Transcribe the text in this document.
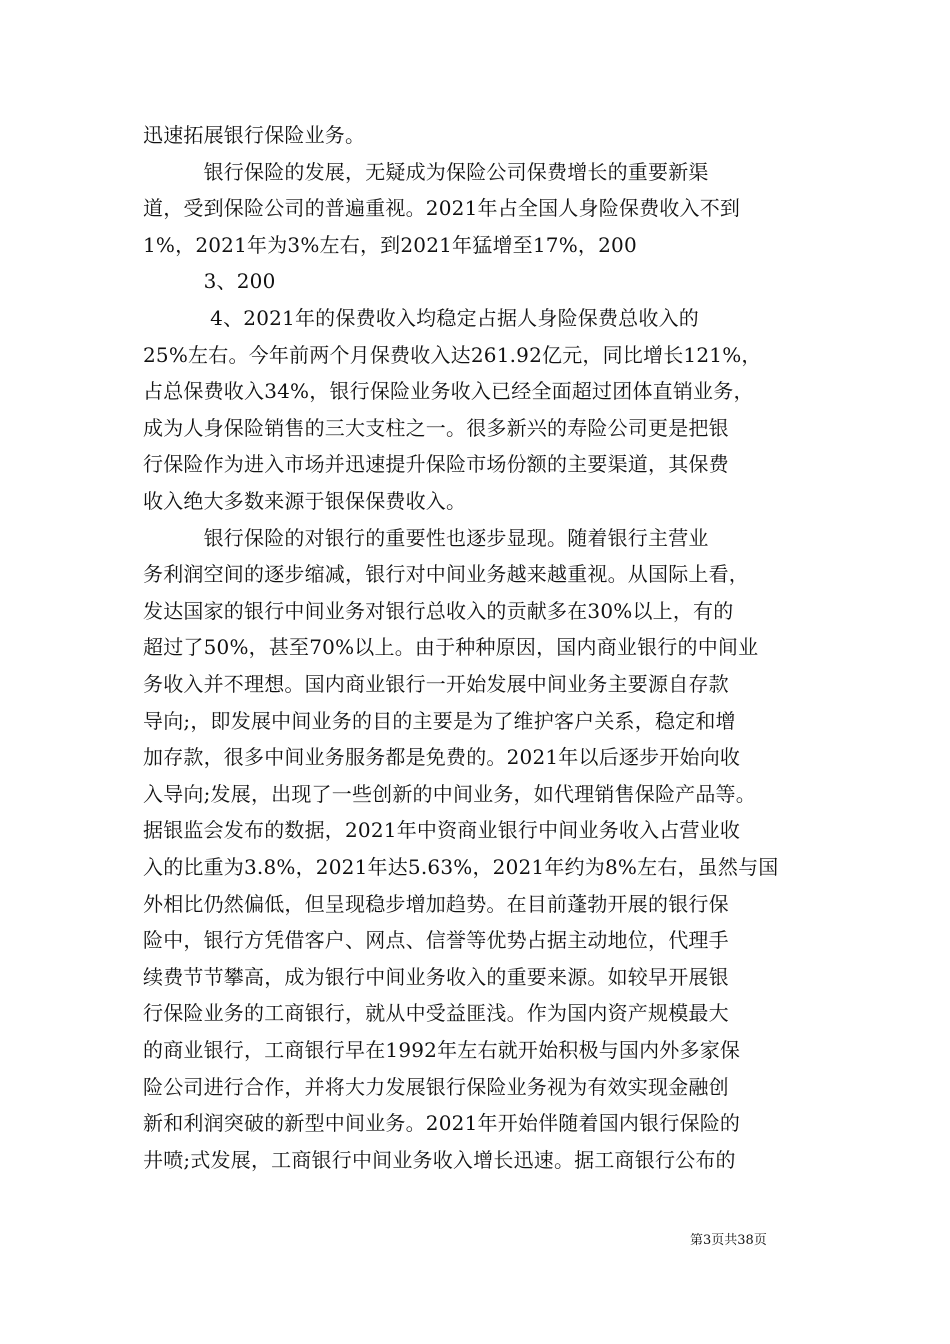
迅速拓展银行保险业务。
　　　银行保险的发展，无疑成为保险公司保费增长的重要新渠
道，受到保险公司的普遍重视。2021年占全国人身险保费收入不到
1%，2021年为3%左右，到2021年猛增至17%，200
　　　3、200
　　　 4、2021年的保费收入均稳定占据人身险保费总收入的
25%左右。今年前两个月保费收入达261.92亿元，同比增长121%，
占总保费收入34%，银行保险业务收入已经全面超过团体直销业务，
成为人身保险销售的三大支柱之一。很多新兴的寿险公司更是把银
行保险作为进入市场并迅速提升保险市场份额的主要渠道，其保费
收入绝大多数来源于银保保费收入。
　　　银行保险的对银行的重要性也逐步显现。随着银行主营业
务利润空间的逐步缩减，银行对中间业务越来越重视。从国际上看，
发达国家的银行中间业务对银行总收入的贡献多在30%以上，有的
超过了50%，甚至70%以上。由于种种原因，国内商业银行的中间业
务收入并不理想。国内商业银行一开始发展中间业务主要源自存款
导向;，即发展中间业务的目的主要是为了维护客户关系，稳定和增
加存款，很多中间业务服务都是免费的。2021年以后逐步开始向收
入导向;发展，出现了一些创新的中间业务，如代理销售保险产品等。
据银监会发布的数据，2021年中资商业银行中间业务收入占营业收
入的比重为3.8%，2021年达5.63%，2021年约为8%左右，虽然与国
外相比仍然偏低，但呈现稳步增加趋势。在目前蓬勃开展的银行保
险中，银行方凭借客户、网点、信誉等优势占据主动地位，代理手
续费节节攀高，成为银行中间业务收入的重要来源。如较早开展银
行保险业务的工商银行，就从中受益匪浅。作为国内资产规模最大
的商业银行，工商银行早在1992年左右就开始积极与国内外多家保
险公司进行合作，并将大力发展银行保险业务视为有效实现金融创
新和利润突破的新型中间业务。2021年开始伴随着国内银行保险的
井喷;式发展，工商银行中间业务收入增长迅速。据工商银行公布的
第3页共38页
